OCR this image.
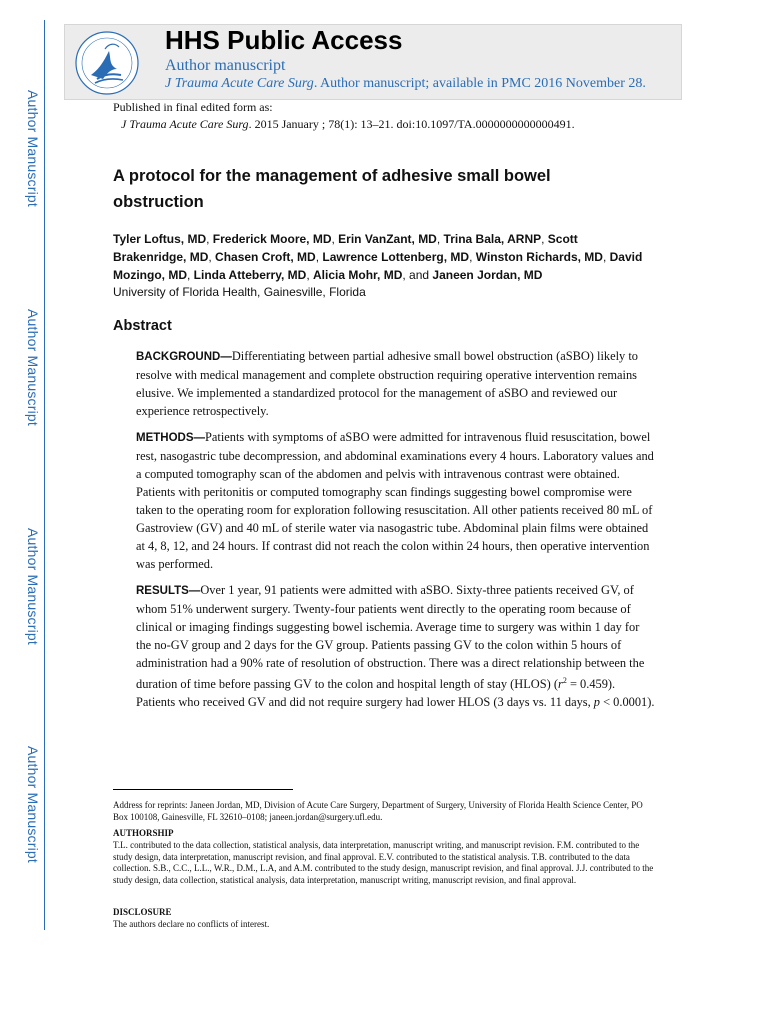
Author Manuscript
Author Manuscript
Author Manuscript
Author Manuscript
HHS Public Access
Author manuscript
J Trauma Acute Care Surg. Author manuscript; available in PMC 2016 November 28.
Published in final edited form as:
J Trauma Acute Care Surg. 2015 January ; 78(1): 13–21. doi:10.1097/TA.0000000000000491.
A protocol for the management of adhesive small bowel obstruction
Tyler Loftus, MD, Frederick Moore, MD, Erin VanZant, MD, Trina Bala, ARNP, Scott Brakenridge, MD, Chasen Croft, MD, Lawrence Lottenberg, MD, Winston Richards, MD, David Mozingo, MD, Linda Atteberry, MD, Alicia Mohr, MD, and Janeen Jordan, MD
University of Florida Health, Gainesville, Florida
Abstract
BACKGROUND—Differentiating between partial adhesive small bowel obstruction (aSBO) likely to resolve with medical management and complete obstruction requiring operative intervention remains elusive. We implemented a standardized protocol for the management of aSBO and reviewed our experience retrospectively.
METHODS—Patients with symptoms of aSBO were admitted for intravenous fluid resuscitation, bowel rest, nasogastric tube decompression, and abdominal examinations every 4 hours. Laboratory values and a computed tomography scan of the abdomen and pelvis with intravenous contrast were obtained. Patients with peritonitis or computed tomography scan findings suggesting bowel compromise were taken to the operating room for exploration following resuscitation. All other patients received 80 mL of Gastroview (GV) and 40 mL of sterile water via nasogastric tube. Abdominal plain films were obtained at 4, 8, 12, and 24 hours. If contrast did not reach the colon within 24 hours, then operative intervention was performed.
RESULTS—Over 1 year, 91 patients were admitted with aSBO. Sixty-three patients received GV, of whom 51% underwent surgery. Twenty-four patients went directly to the operating room because of clinical or imaging findings suggesting bowel ischemia. Average time to surgery was within 1 day for the no-GV group and 2 days for the GV group. Patients passing GV to the colon within 5 hours of administration had a 90% rate of resolution of obstruction. There was a direct relationship between the duration of time before passing GV to the colon and hospital length of stay (HLOS) $(r^2 = 0.459)$. Patients who received GV and did not require surgery had lower HLOS (3 days vs. 11 days, p < 0.0001).
Address for reprints: Janeen Jordan, MD, Division of Acute Care Surgery, Department of Surgery, University of Florida Health Science Center, PO Box 100108, Gainesville, FL 32610–0108; janeen.jordan@surgery.ufl.edu.
AUTHORSHIP
T.L. contributed to the data collection, statistical analysis, data interpretation, manuscript writing, and manuscript revision. F.M. contributed to the study design, data interpretation, manuscript revision, and final approval. E.V. contributed to the statistical analysis. T.B. contributed to the data collection. S.B., C.C., L.L., W.R., D.M., L.A, and A.M. contributed to the study design, manuscript revision, and final approval. J.J. contributed to the study design, data collection, statistical analysis, data interpretation, manuscript writing, manuscript revision, and final approval.
DISCLOSURE
The authors declare no conflicts of interest.
